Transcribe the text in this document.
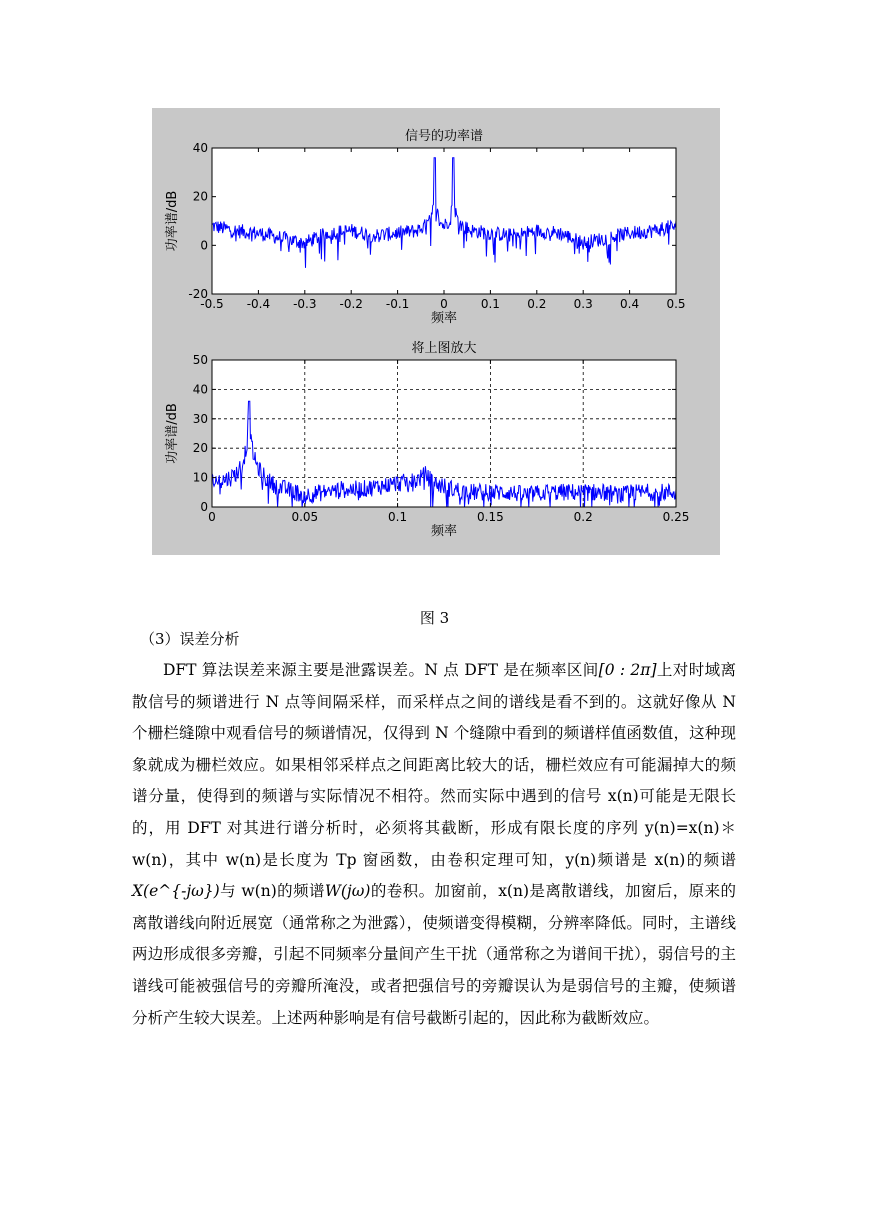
-0.5 -0.4 -0.3 -0.2 -0.1	0	0.1 0.2 0.3 0.4 0.5
-20
0
20
40
信号的功率谱
频率
功率谱/dB
0	0.05	0.1	0.15	0.2	0.25
0
10
20
30
40
50
将上图放大
频率
功率谱/dB
图 3
（3）误差分析

DFT 算法误差来源主要是泄露误差。N 点 DFT 是在频率区间[0 : 2π]上对时域离散信号的频谱进行 N 点等间隔采样，而采样点之间的谱线是看不到的。这就好像从 N 个栅栏缝隙中观看信号的频谱情况，仅得到 N 个缝隙中看到的频谱样值函数值，这种现象就成为栅栏效应。如果相邻采样点之间距离比较大的话，栅栏效应有可能漏掉大的频谱分量，使得到的频谱与实际情况不相符。然而实际中遇到的信号 x(n)可能是无限长的，用 DFT 对其进行谱分析时，必须将其截断，形成有限长度的序列 y(n)=x(n)＊ w(n)，其中 w(n)是长度为 Tp 窗函数，由卷积定理可知，y(n)频谱是 x(n)的频谱X(e^{-jω})与 w(n)的频谱W(jω)的卷积。加窗前，x(n)是离散谱线，加窗后，原来的离散谱线向附近展宽（通常称之为泄露），使频谱变得模糊，分辨率降低。同时，主谱线两边形成很多旁瓣，引起不同频率分量间产生干扰（通常称之为谱间干扰），弱信号的主谱线可能被强信号的旁瓣所淹没，或者把强信号的旁瓣误认为是弱信号的主瓣，使频谱分析产生较大误差。上述两种影响是有信号截断引起的，因此称为截断效应。
